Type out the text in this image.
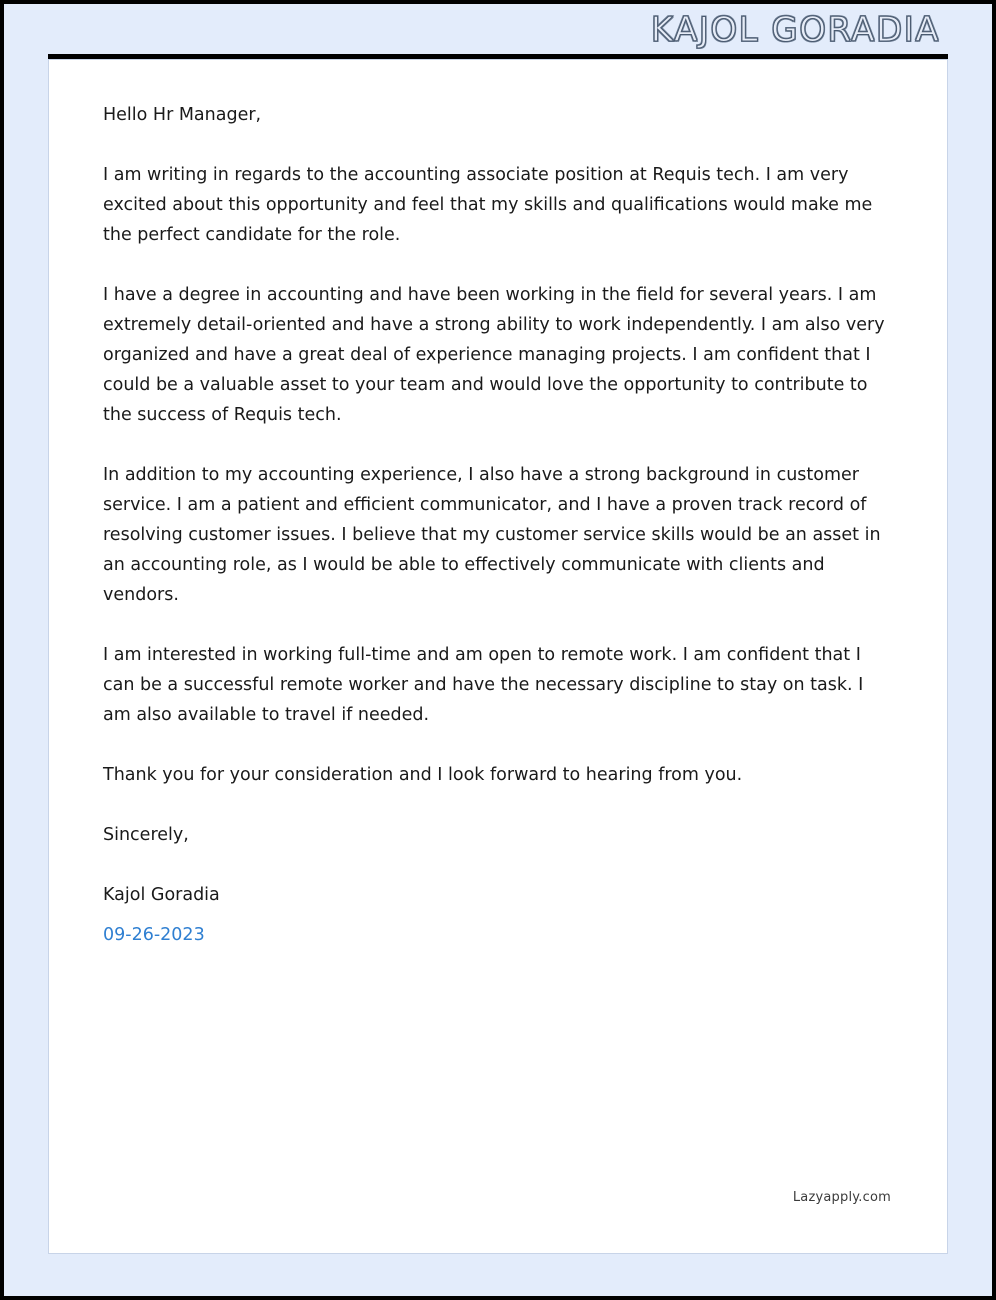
KAJOL GORADIA

Hello Hr Manager,

I am writing in regards to the accounting associate position at Requis tech. I am very excited about this opportunity and feel that my skills and qualifications would make me the perfect candidate for the role.

I have a degree in accounting and have been working in the field for several years. I am extremely detail-oriented and have a strong ability to work independently. I am also very organized and have a great deal of experience managing projects. I am confident that I could be a valuable asset to your team and would love the opportunity to contribute to the success of Requis tech.

In addition to my accounting experience, I also have a strong background in customer service. I am a patient and efficient communicator, and I have a proven track record of resolving customer issues. I believe that my customer service skills would be an asset in an accounting role, as I would be able to effectively communicate with clients and vendors.

I am interested in working full-time and am open to remote work. I am confident that I can be a successful remote worker and have the necessary discipline to stay on task. I am also available to travel if needed.

Thank you for your consideration and I look forward to hearing from you.

Sincerely,

Kajol Goradia

09-26-2023

Lazyapply.com
